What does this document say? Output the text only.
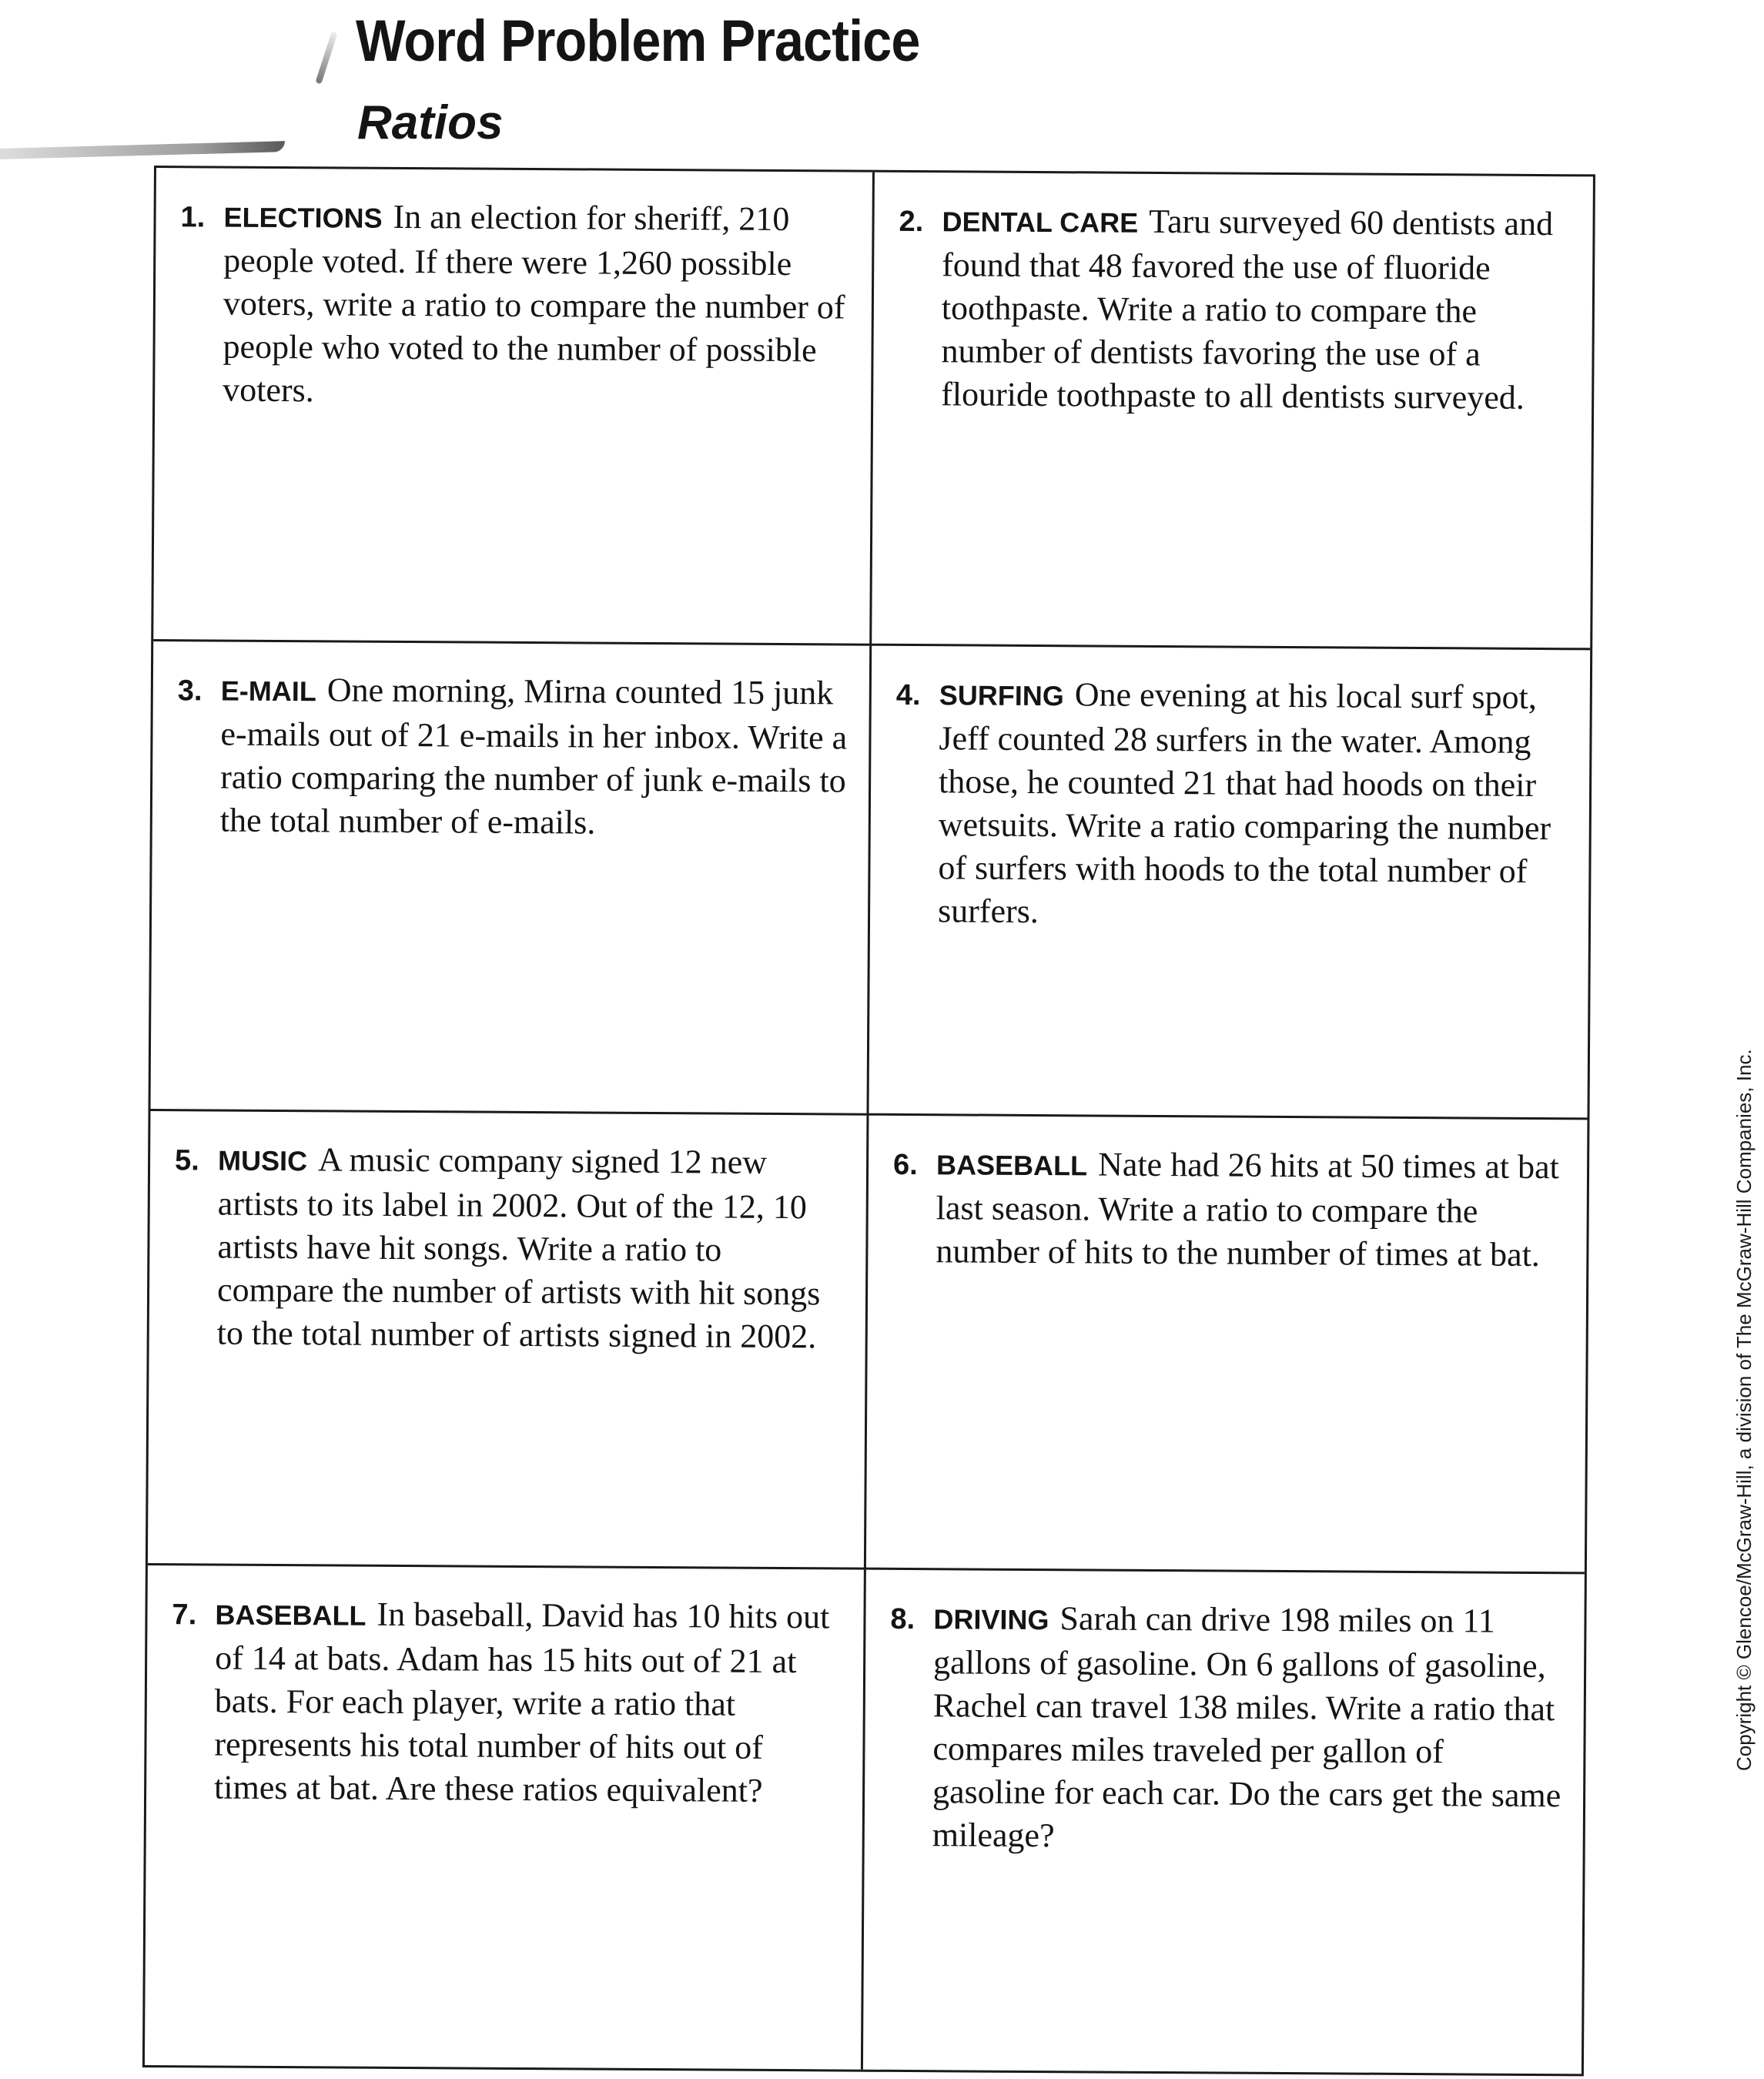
Word Problem Practice
Ratios

1. ELECTIONS In an election for sheriff, 210 people voted. If there were 1,260 possible voters, write a ratio to compare the number of people who voted to the number of possible voters.

2. DENTAL CARE Taru surveyed 60 dentists and found that 48 favored the use of fluoride toothpaste. Write a ratio to compare the number of dentists favoring the use of a flouride toothpaste to all dentists surveyed.

3. E-MAIL One morning, Mirna counted 15 junk e-mails out of 21 e-mails in her inbox. Write a ratio comparing the number of junk e-mails to the total number of e-mails.

4. SURFING One evening at his local surf spot, Jeff counted 28 surfers in the water. Among those, he counted 21 that had hoods on their wetsuits. Write a ratio comparing the number of surfers with hoods to the total number of surfers.

5. MUSIC A music company signed 12 new artists to its label in 2002. Out of the 12, 10 artists have hit songs. Write a ratio to compare the number of artists with hit songs to the total number of artists signed in 2002.

6. BASEBALL Nate had 26 hits at 50 times at bat last season. Write a ratio to compare the number of hits to the number of times at bat.

7. BASEBALL In baseball, David has 10 hits out of 14 at bats. Adam has 15 hits out of 21 at bats. For each player, write a ratio that represents his total number of hits out of times at bat. Are these ratios equivalent?

8. DRIVING Sarah can drive 198 miles on 11 gallons of gasoline. On 6 gallons of gasoline, Rachel can travel 138 miles. Write a ratio that compares miles traveled per gallon of gasoline for each car. Do the cars get the same mileage?

Copyright © Glencoe/McGraw-Hill, a division of The McGraw-Hill Companies, Inc.
